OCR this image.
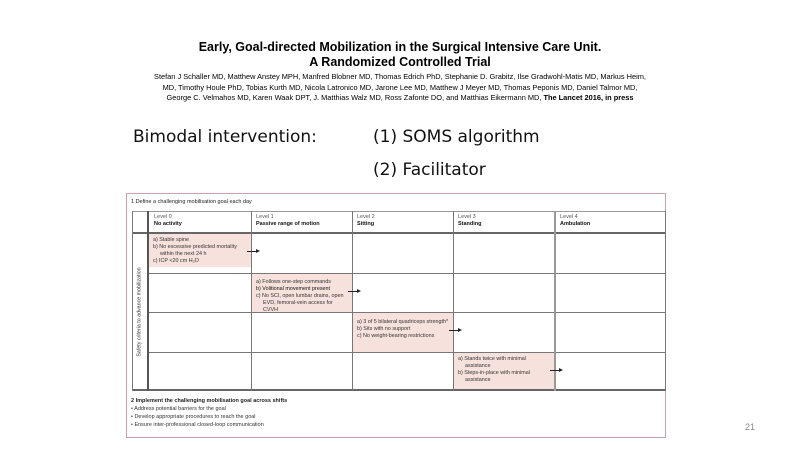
Early, Goal-directed Mobilization in the Surgical Intensive Care Unit.
A Randomized Controlled Trial
Stefan J Schaller MD, Matthew Anstey MPH, Manfred Blobner MD, Thomas Edrich PhD, Stephanie D. Grabitz, Ilse Gradwohl-Matis MD, Markus Heim, MD, Timothy Houle PhD, Tobias Kurth MD, Nicola Latronico MD, Jarone Lee MD, Matthew J Meyer MD, Thomas Peponis MD, Daniel Talmor MD, George C. Velmahos MD, Karen Waak DPT, J. Matthias Walz MD, Ross Zafonte DO, and Matthias Eikermann MD, The Lancet 2016, in press
Bimodal intervention:	(1) SOMS algorithm
(2) Facilitator
1 Define a challenging mobilisation goal each day
Level 0
No activity
Level 1
Passive range of motion
Level 2
Sitting
Level 3
Standing
Level 4
Ambulation
Safety criteria to advance mobilization
a) Stable spine
b) No excessive predicted mortality
within the next 24 h
c) ICP <20 cm H₂O
a) Follows one-step commands
b) Volitional movement present
c) No SCI, open lumbar drains, open
EVD, femoral-vein access for CVVH
a) 3 of 5 bilateral quadriceps strength*
b) Sits with no support
c) No weight-bearing restrictions
a) Stands twice with minimal
assistance
b) Steps-in-place with minimal
assistance
2 Implement the challenging mobilisation goal across shifts
• Address potential barriers for the goal
• Develop appropriate procedures to reach the goal
• Ensure inter-professional closed-loop communication	21
